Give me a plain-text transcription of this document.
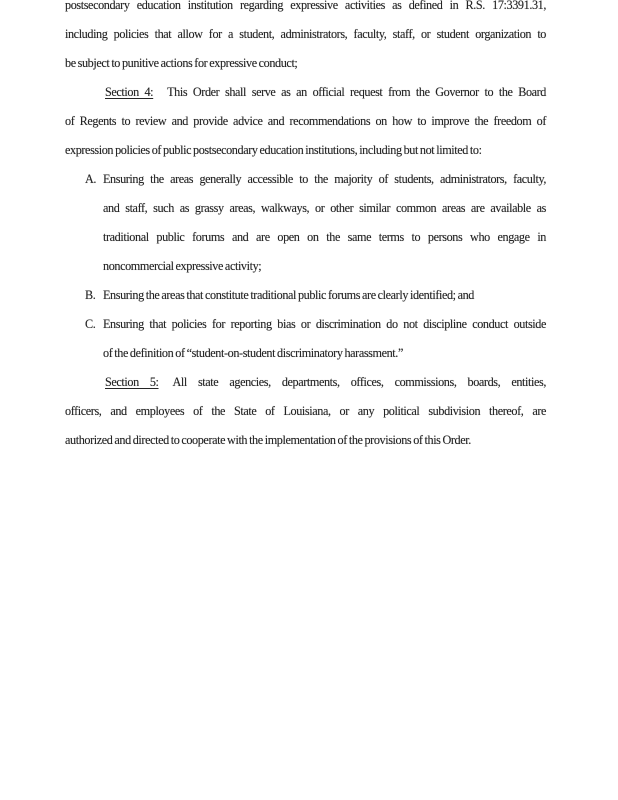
postsecondary education institution regarding expressive activities as defined in R.S. 17:3391.31,
including policies that allow for a student, administrators, faculty, staff, or student organization to
be subject to punitive actions for expressive conduct;
Section 4: This Order shall serve as an official request from the Governor to the Board
of Regents to review and provide advice and recommendations on how to improve the freedom of
expression policies of public postsecondary education institutions, including but not limited to:
A. Ensuring the areas generally accessible to the majority of students, administrators, faculty,
and staff, such as grassy areas, walkways, or other similar common areas are available as
traditional public forums and are open on the same terms to persons who engage in
noncommercial expressive activity;
B. Ensuring the areas that constitute traditional public forums are clearly identified; and
C. Ensuring that policies for reporting bias or discrimination do not discipline conduct outside
of the definition of “student-on-student discriminatory harassment.”
Section 5: All state agencies, departments, offices, commissions, boards, entities,
officers, and employees of the State of Louisiana, or any political subdivision thereof, are
authorized and directed to cooperate with the implementation of the provisions of this Order.
